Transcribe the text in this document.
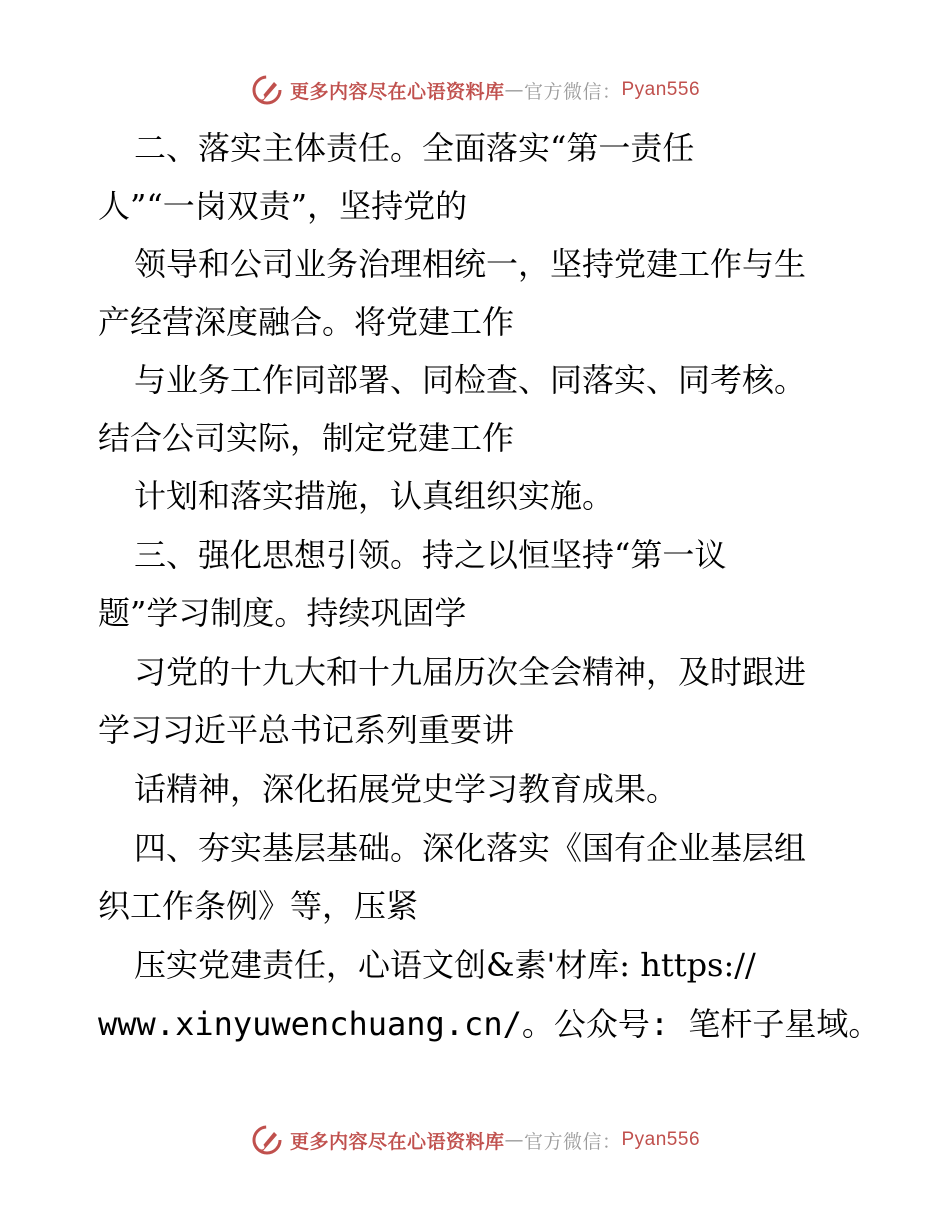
更多内容尽在心语资料库 — 官方微信： Pyan556
二、落实主体责任。全面落实“第一责任
人”“一岗双责”，坚持党的
领导和公司业务治理相统一，坚持党建工作与生
产经营深度融合。将党建工作
与业务工作同部署、同检查、同落实、同考核。
结合公司实际，制定党建工作
计划和落实措施，认真组织实施。
三、强化思想引领。持之以恒坚持“第一议
题”学习制度。持续巩固学
习党的十九大和十九届历次全会精神，及时跟进
学习习近平总书记系列重要讲
话精神，深化拓展党史学习教育成果。
四、夯实基层基础。深化落实《国有企业基层组
织工作条例》等，压紧
压实党建责任，心语文创&素'材库: https://
www.xinyuwenchuang.cn/。公众号: 笔杆子星域。
更多内容尽在心语资料库 — 官方微信： Pyan556
